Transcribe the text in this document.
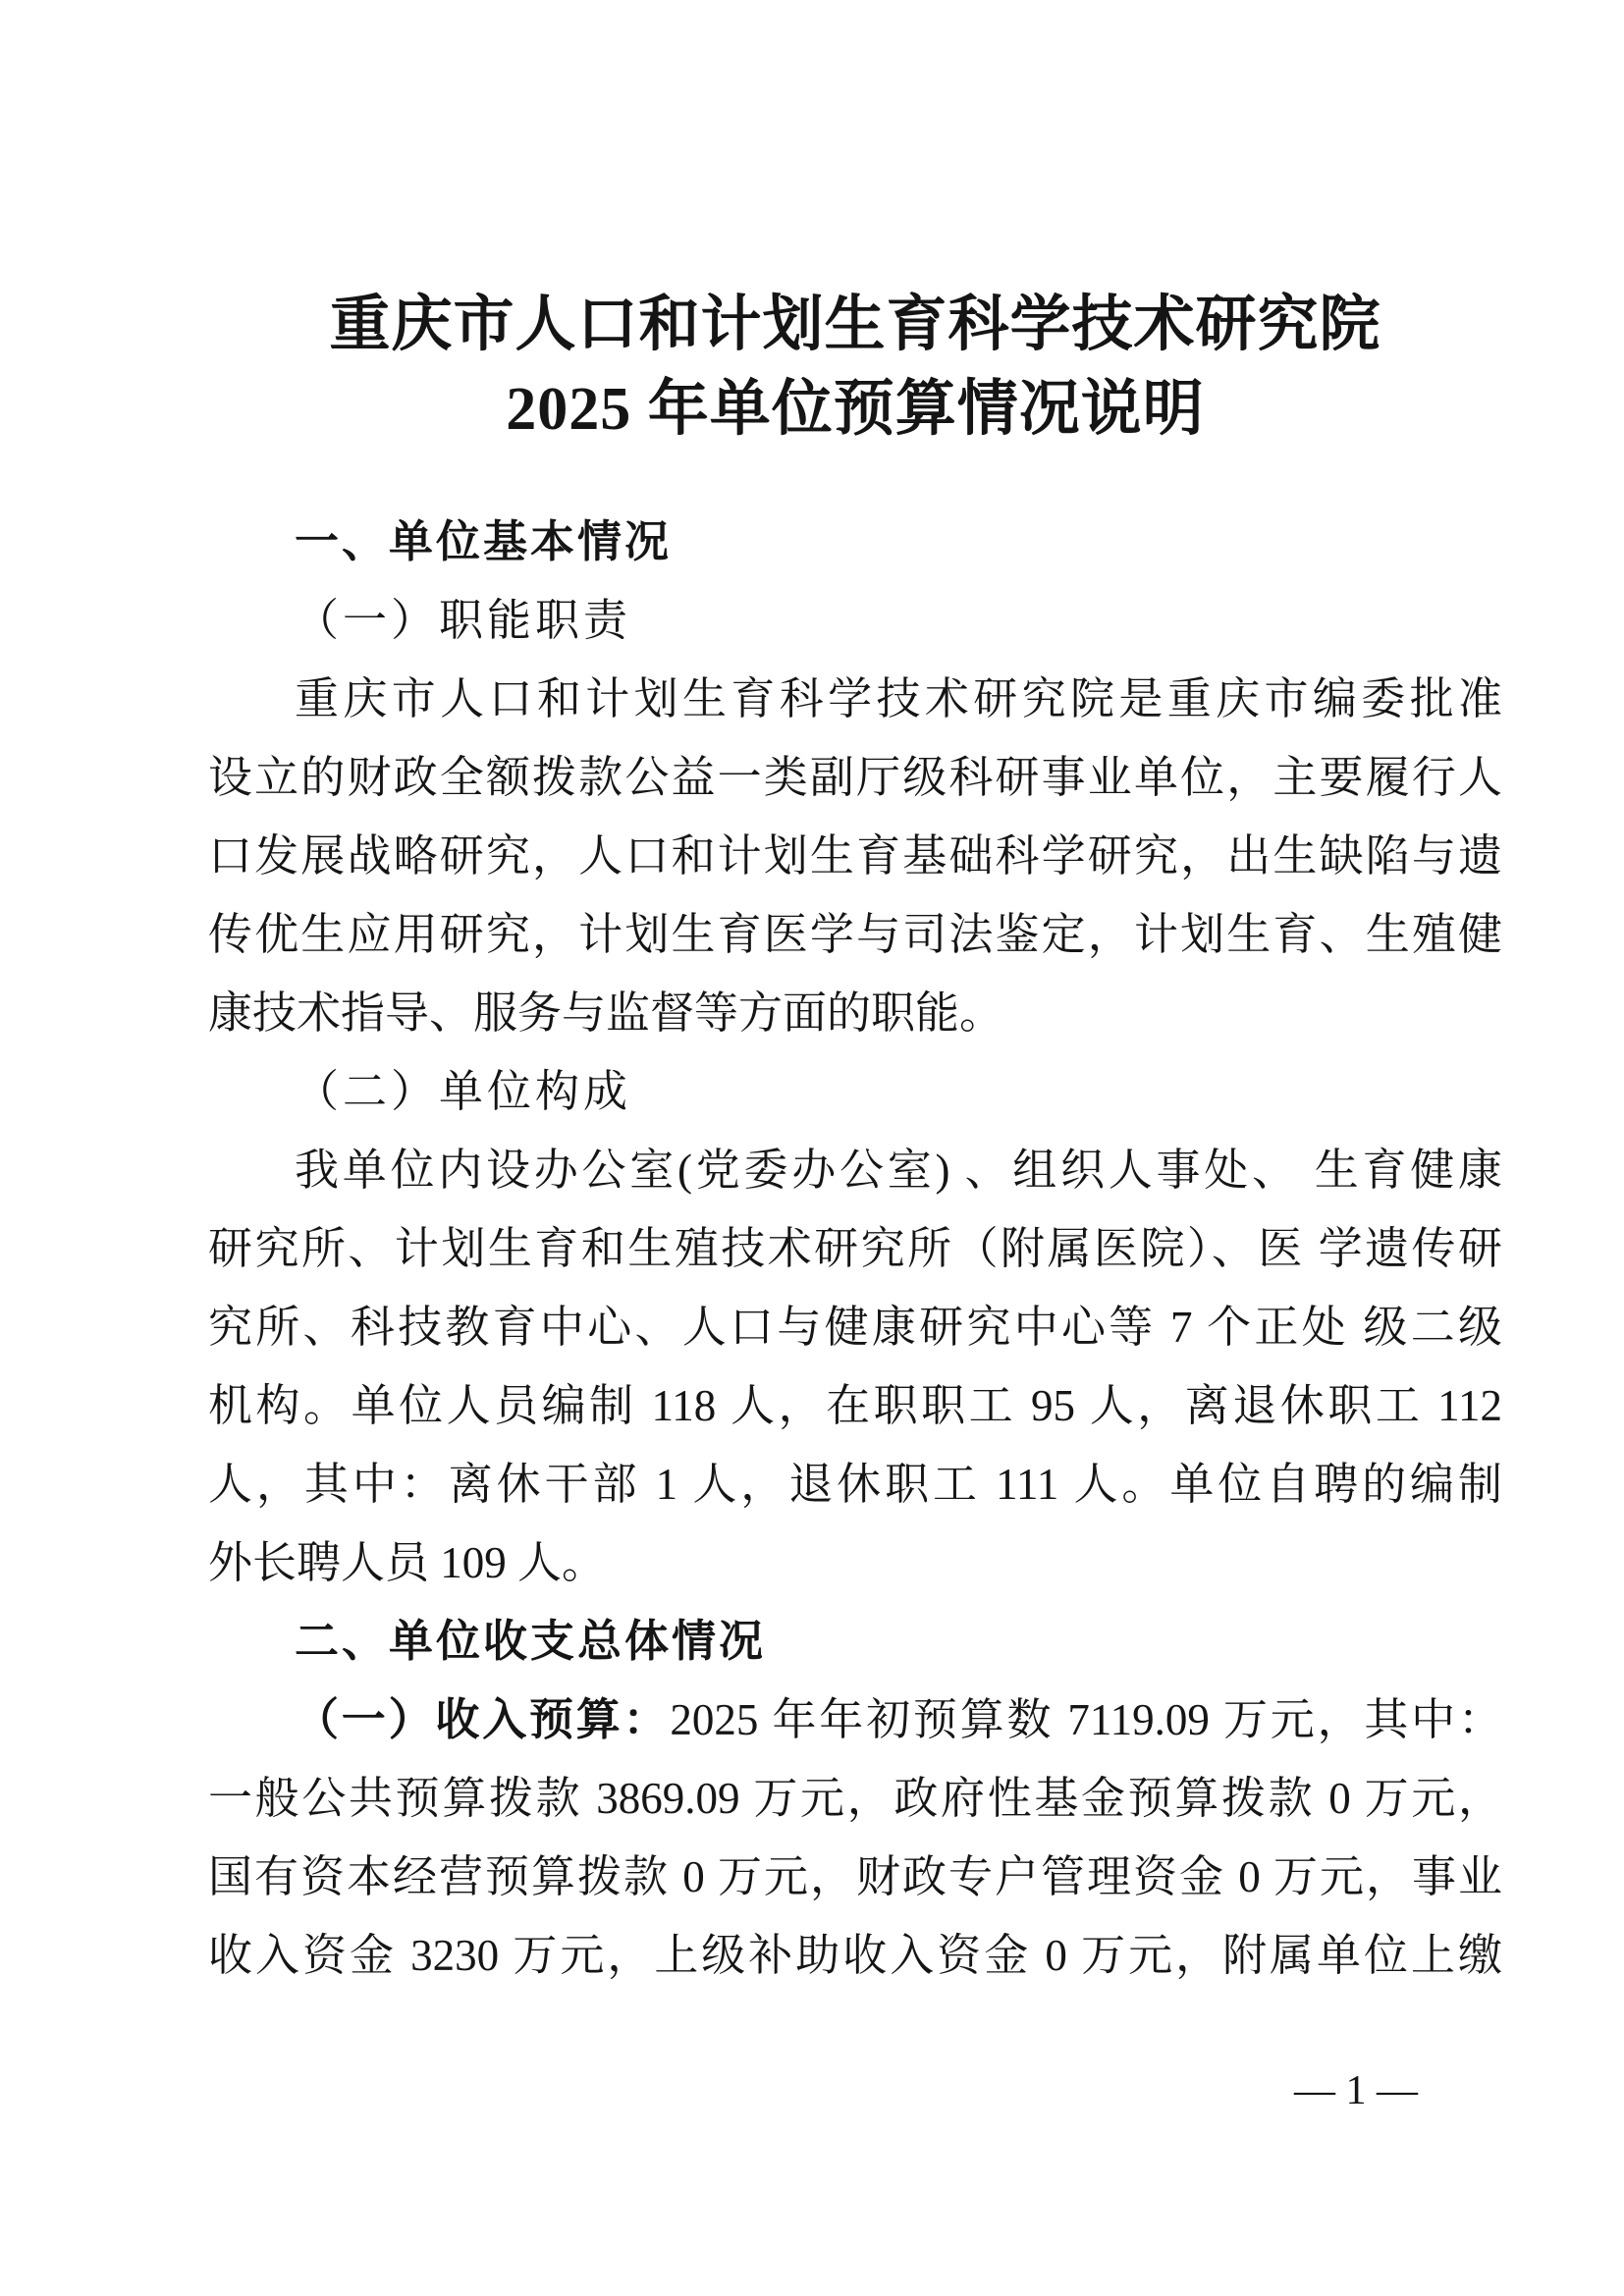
重庆市人口和计划生育科学技术研究院
2025 年单位预算情况说明
一、单位基本情况
（一）职能职责
重庆市人口和计划生育科学技术研究院是重庆市编委批准
设立的财政全额拨款公益一类副厅级科研事业单位，主要履行人
口发展战略研究，人口和计划生育基础科学研究，出生缺陷与遗
传优生应用研究，计划生育医学与司法鉴定，计划生育、生殖健
康技术指导、服务与监督等方面的职能。
（二）单位构成
我单位内设办公室(党委办公室) 、组织人事处、 生育健康
研究所、计划生育和生殖技术研究所（附属医院）、医 学遗传研
究所、科技教育中心、人口与健康研究中心等 7 个正处 级二级
机构。单位人员编制 118 人，在职职工 95 人，离退休职工 112
人，其中：离休干部 1 人，退休职工 111 人。单位自聘的编制
外长聘人员 109 人。
二、单位收支总体情况
（一）收入预算：2025 年年初预算数 7119.09 万元，其中：
一般公共预算拨款 3869.09 万元，政府性基金预算拨款 0 万元，
国有资本经营预算拨款 0 万元，财政专户管理资金 0 万元，事业
收入资金 3230 万元，上级补助收入资金 0 万元，附属单位上缴
— 1 —
